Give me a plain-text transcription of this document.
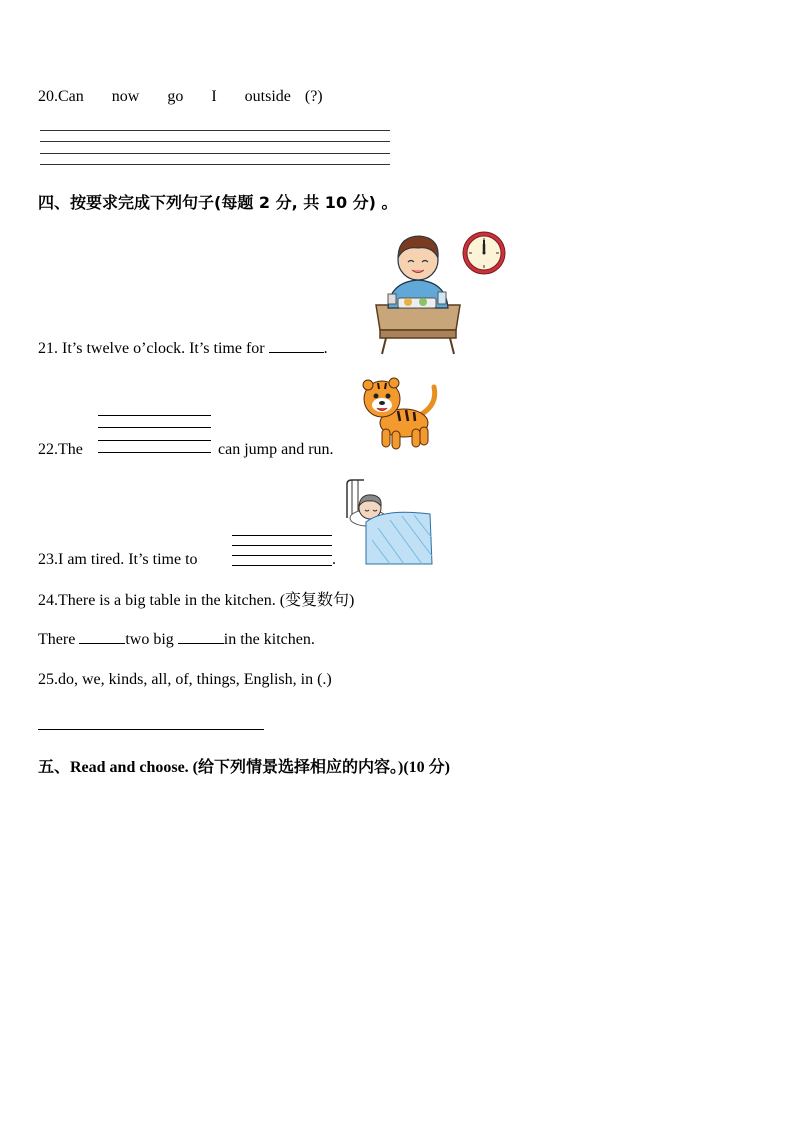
20.Can  now  go  I  outside (?)
四、按要求完成下列句子(每题 2 分, 共 10 分) 。
21. It’s twelve o’clock. It’s time for	.
22.The	can jump and run.
23.I am tired. It’s time to	.
24.There is a big table in the kitchen. (变复数句)
There	two big	in the kitchen.
25.do, we, kinds, all, of, things, English, in (.)
五、Read and choose. (给下列情景选择相应的内容。)(10 分)
